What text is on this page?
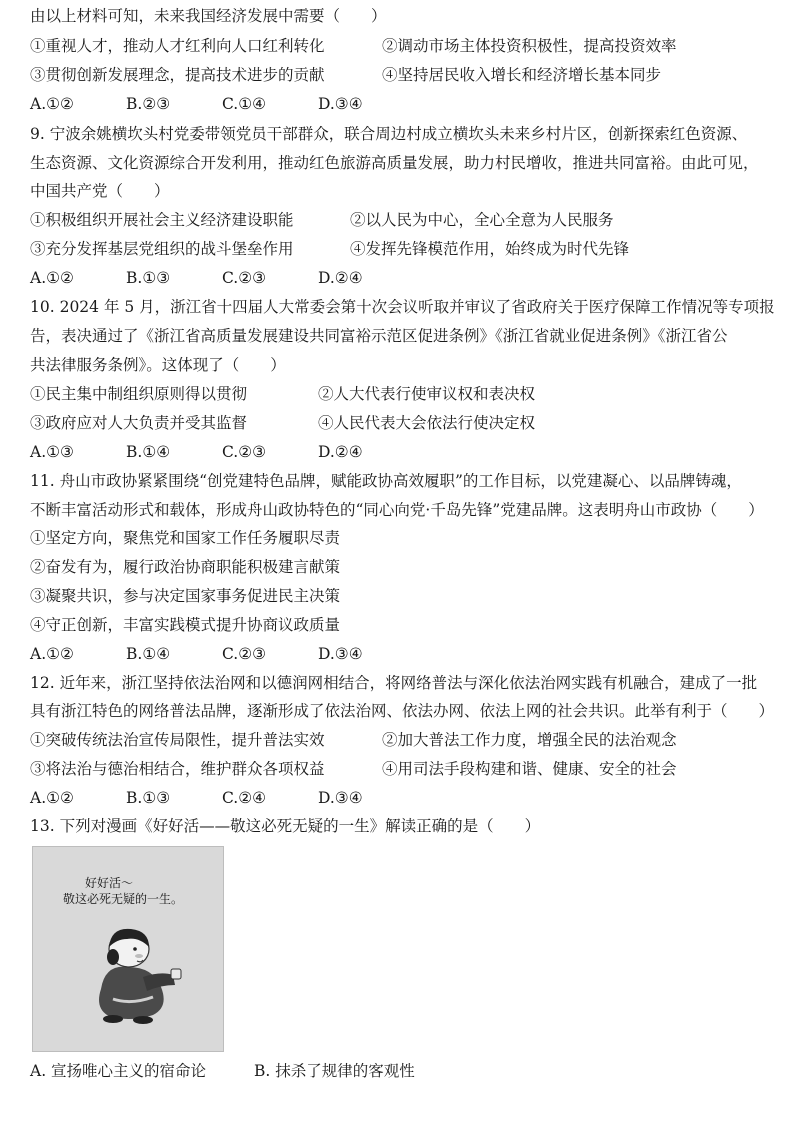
由以上材料可知，未来我国经济发展中需要（　　）
①重视人才，推动人才红利向人口红利转化	②调动市场主体投资积极性，提高投资效率
③贯彻创新发展理念，提高技术进步的贡献	④坚持居民收入增长和经济增长基本同步
A.①②	B.②③	C.①④	D.③④
9. 宁波余姚横坎头村党委带领党员干部群众，联合周边村成立横坎头未来乡村片区，创新探索红色资源、
生态资源、文化资源综合开发利用，推动红色旅游高质量发展，助力村民增收，推进共同富裕。由此可见，
中国共产党（　　）
①积极组织开展社会主义经济建设职能	②以人民为中心，全心全意为人民服务
③充分发挥基层党组织的战斗堡垒作用	④发挥先锋模范作用，始终成为时代先锋
A.①②	B.①③	C.②③	D.②④
10. 2024 年 5 月，浙江省十四届人大常委会第十次会议听取并审议了省政府关于医疗保障工作情况等专项报
告，表决通过了《浙江省高质量发展建设共同富裕示范区促进条例》《浙江省就业促进条例》《浙江省公
共法律服务条例》。这体现了（　　）
①民主集中制组织原则得以贯彻	②人大代表行使审议权和表决权
③政府应对人大负责并受其监督	④人民代表大会依法行使决定权
A.①③	B.①④	C.②③	D.②④
11. 舟山市政协紧紧围绕“创党建特色品牌，赋能政协高效履职”的工作目标，以党建凝心、以品牌铸魂，
不断丰富活动形式和载体，形成舟山政协特色的“同心向党·千岛先锋”党建品牌。这表明舟山市政协（　　）
①坚定方向，聚焦党和国家工作任务履职尽责
②奋发有为，履行政治协商职能积极建言献策
③凝聚共识，参与决定国家事务促进民主决策
④守正创新，丰富实践模式提升协商议政质量
A.①②	B.①④	C.②③	D.③④
12. 近年来，浙江坚持依法治网和以德润网相结合，将网络普法与深化依法治网实践有机融合，建成了一批
具有浙江特色的网络普法品牌，逐渐形成了依法治网、依法办网、依法上网的社会共识。此举有利于（　　）
①突破传统法治宣传局限性，提升普法实效	②加大普法工作力度，增强全民的法治观念
③将法治与德治相结合，维护群众各项权益	④用司法手段构建和谐、健康、安全的社会
A.①②	B.①③	C.②④	D.③④
13. 下列对漫画《好好活——敬这必死无疑的一生》解读正确的是（　　）
好好活～
敬这必死无疑的一生。
A. 宣扬唯心主义的宿命论	B. 抹杀了规律的客观性
